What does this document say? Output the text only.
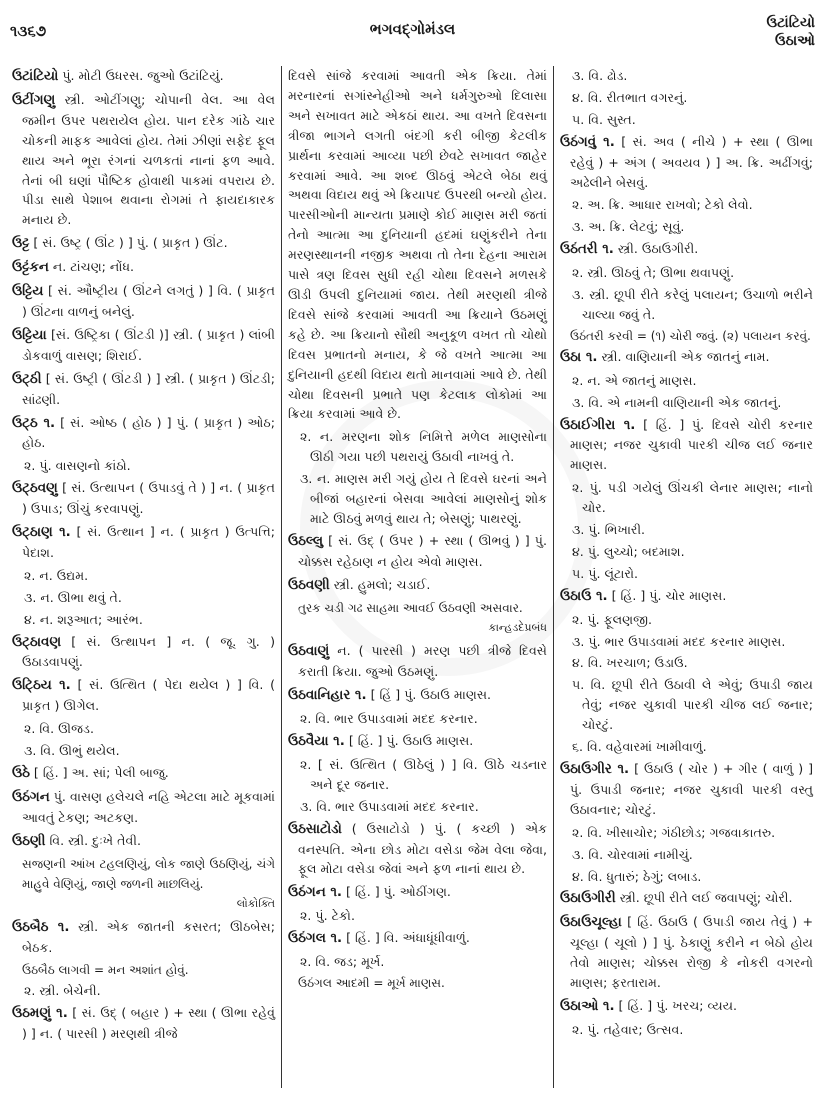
૧૩૬૭	ભગવદ્ગોમંડલ	ઉટાંટિયો
ઉઠાઓ
ઉટાંટિયો પું. મોટી ઉધરસ. જુઓ ઉટાંટિયું.
ઉટીંગણુ સ્ત્રી. ઓટીંગણુ; ચોપાની વેલ. આ વેલ જમીન ઉપર પથરાયેલ હોય. પાન દરેક ગાંઠે ચાર ચોકની માફક આવેલાં હોય. તેમાં ઝીણાં સફેદ ફૂલ થાય અને ભૂરા રંગનાં ચળકતાં નાનાં ફળ આવે. તેનાં બી ઘણાં પૌષ્ટિક હોવાથી પાકમાં વપરાય છે. પીડા સાથે પેશાબ થવાના રોગમાં તે ફાયદાકારક મનાય છે.
ઉટ્ટ [ સં. ઉષ્ટ્ર ( ઊંટ ) ] પું. ( પ્રાકૃત ) ઊંટ.
ઉટ્ટંકન ન. ટાંચણ; નોંધ.
ઉટ્ટિય [ સં. ઔષ્ટ્રીય ( ઊંટને લગતું ) ] વિ. ( પ્રાકૃત ) ઊંટના વાળનું બનેલું.
ઉટ્ટિયા [સં. ઉષ્ટ્રિકા ( ઊંટડી )] સ્ત્રી. ( પ્રાકૃત ) લાંબી ડોકવાળું વાસણ; શિરાઈ.
ઉટ્ઠી [ સં. ઉષ્ટ્રી ( ઊંટડી ) ] સ્ત્રી. ( પ્રાકૃત ) ઊંટડી; સાંઢણી.
ઉટ્ઠ ૧. [ સં. ઓષ્ઠ ( હોઠ ) ] પું. ( પ્રાકૃત ) ઓઠ; હોઠ.
૨. પું. વાસણનો કાંઠો.
ઉટ્ઠવણુ [ સં. ઉત્થાપન ( ઉપાડવું તે ) ] ન. ( પ્રાકૃત ) ઉપાડ; ઊંચું કરવાપણું.
ઉટ્ઠાણ ૧. [ સં. ઉત્થાન ] ન. ( પ્રાકૃત ) ઉત્પત્તિ; પેદાશ.
૨. ન. ઉદ્યમ.
૩. ન. ઊભા થવું તે.
૪. ન. શરૂઆત; આરંભ.
ઉટ્ઠાવણ [ સં. ઉત્થાપન ] ન. ( જૂ. ગુ. ) ઉઠાડવાપણું.
ઉટ્ઠિય ૧. [ સં. ઉત્થિત ( પેદા થયેલ ) ] વિ. ( પ્રાકૃત ) ઊગેલ.
૨. વિ. ઊજડ.
૩. વિ. ઊભું થયેલ.
ઉઠે [ હિં. ] અ. સાં; પેલી બાજુ.
ઉઠંગન પું. વાસણ હલેચલે નહિ એટલા માટે મૂકવામાં આવતું ટેકણ; અટકણ.
ઉઠણી વિ. સ્ત્રી. દુઃખે તેવી.
સજણની આંખ ટહલણિયું, લોક જાણે ઉઠણિયું, ચંગે માહુવે વેણિયું, જાણે જળની માછલિયું.
લોકોક્તિ
ઉઠબૈઠ ૧. સ્ત્રી. એક જાતની કસરત; ઊઠબેસ; બેઠક.
ઉઠબૈઠ લાગવી = મન અશાંત હોવું.
૨. સ્ત્રી. બેચેની.
ઉઠમણું ૧. [ સં. ઉદ્ ( બહાર ) + સ્થા ( ઊભા રહેવું ) ] ન. ( પારસી ) મરણથી ત્રીજે
દિવસે સાંજે કરવામાં આવતી એક ક્રિયા. તેમાં મરનારનાં સગાંસ્નેહીઓ અને ધર્મગુરુઓ દિલાસા અને સખાવત માટે એકઠાં થાય. આ વખતે દિવસના ત્રીજા ભાગને લગતી બંદગી કરી બીજી કેટલીક પ્રાર્થના કરવામાં આવ્યા પછી છેવટે સખાવત જાહેર કરવામાં આવે. આ શબ્દ ઊઠવું એટલે બેઠા થવું અથવા વિદાય થવું એ ક્રિયાપદ ઉપરથી બન્યો હોય. પારસીઓની માન્યતા પ્રમાણે કોઈ માણસ મરી જતાં તેનો આત્મા આ દુનિયાની હદમાં ઘણુંકરીને તેના મરણસ્થાનની નજીક અથવા તો તેના દેહના આરામ પાસે ત્રણ દિવસ સુધી રહી ચોથા દિવસને મળસકે ઊડી ઉપલી દુનિયામાં જાય. તેથી મરણથી ત્રીજે દિવસે સાંજે કરવામાં આવતી આ ક્રિયાને ઉઠમણું કહે છે. આ ક્રિયાનો સૌથી અનુકૂળ વખત તો ચોથો દિવસ પ્રભાતનો મનાય, કે જે વખતે આત્મા આ દુનિયાની હદથી વિદાય થતો માનવામાં આવે છે. તેથી ચોથા દિવસની પ્રભાતે પણ કેટલાક લોકોમાં આ ક્રિયા કરવામાં આવે છે.
૨. ન. મરણના શોક નિમિત્તે મળેલ માણસોના ઊઠી ગયા પછી પથરાયું ઉઠાવી નાખવું તે.
૩. ન. માણસ મરી ગયું હોય તે દિવસે ઘરનાં અને બીજાં બહારનાં બેસવા આવેલાં માણસોનું શોક માટે ઊઠવું મળવું થાય તે; બેસણું; પાથરણું.
ઉઠલ્લુ [ સં. ઉદ્ ( ઉપર ) + સ્થા ( ઊભવું ) ] પું. ચોક્કસ રહેઠાણ ન હોય એવો માણસ.
ઉઠવણી સ્ત્રી. હુમલો; ચડાઈ.
તુરક ચડી ગઢ સાહમા આવઈ ઉઠવણી અસવાર.
કાન્હડદેપ્રબંધ
ઉઠવાણું ન. ( પારસી ) મરણ પછી ત્રીજે દિવસે કરાતી ક્રિયા. જુઓ ઉઠમણું.
ઉઠવાનિહાર ૧. [ હિં ] પું. ઉઠાઉ માણસ.
૨. વિ. ભાર ઉપાડવામાં મદદ કરનાર.
ઉઠવૈયા ૧. [ હિં. ] પું. ઉઠાઉ માણસ.
૨. [ સં. ઉત્થિત ( ઊઠેલું ) ] વિ. ઊઠે ચડનાર અને દૂર જનાર.
૩. વિ. ભાર ઉપાડવામાં મદદ કરનાર.
ઉઠસાટોડો ( ઉસાટોડો ) પું. ( કચ્છી ) એક વનસ્પતિ. એના છોડ મોટા વસેડા જેમ વેલા જેવા, ફૂલ મોટા વસેડા જેવાં અને ફળ નાનાં થાય છે.
ઉઠંગન ૧. [ હિં. ] પું. ઓઠીંગણ.
૨. પું. ટેકો.
ઉઠંગલ ૧. [ હિં. ] વિ. અંધાધૂંધીવાળું.
૨. વિ. જડ; મૂર્ખ.
ઉઠંગલ આદમી = મૂર્ખ માણસ.
૩. વિ. ઢોડ.
૪. વિ. રીતભાત વગરનું.
૫. વિ. સુસ્ત.
ઉઠંગવું ૧. [ સં. અવ ( નીચે ) + સ્થા ( ઊભા રહેવું ) + અંગ ( અવયવ ) ] અ. ક્રિ. અઢીંગવું; અઢેલીને બેસવું.
૨. અ. ક્રિ. આધાર રાખવો; ટેકો લેવો.
૩. અ. ક્રિ. લેટવું; સૂવું.
ઉઠંતરી ૧. સ્ત્રી. ઉઠાઉગીરી.
૨. સ્ત્રી. ઊઠવું તે; ઊભા થવાપણું.
૩. સ્ત્રી. છૂપી રીતે કરેલું પલાયન; ઉચાળો ભરીને ચાલ્યા જવું તે.
ઉઠંતરી કરવી = (૧) ચોરી જવું. (૨) પલાયન કરવું.
ઉઠા ૧. સ્ત્રી. વાણિયાની એક જાતનું નામ.
૨. ન. એ જાતનું માણસ.
૩. વિ. એ નામની વાણિયાની એક જાતનું.
ઉઠાઈગીરા ૧. [ હિં. ] પું. દિવસે ચોરી કરનાર માણસ; નજર ચુકાવી પારકી ચીજ લઈ જનાર માણસ.
૨. પું. પડી ગયેલું ઊંચકી લેનાર માણસ; નાનો ચોર.
૩. પું. ભિખારી.
૪. પું. લુચ્ચો; બદમાશ.
૫. પું. લૂંટારો.
ઉઠાઉ ૧. [ હિં. ] પું. ચોર માણસ.
૨. પું. ફૂલણજી.
૩. પું. ભાર ઉપાડવામાં મદદ કરનાર માણસ.
૪. વિ. ખરચાળ; ઉડાઉ.
૫. વિ. છૂપી રીતે ઉઠાવી લે એવું; ઉપાડી જાય તેવું; નજર ચુકાવી પારકી ચીજ લઈ જનાર; ચોરટું.
૬. વિ. વહેવારમાં ખામીવાળું.
ઉઠાઉગીર ૧. [ ઉઠાઉ ( ચોર ) + ગીર ( વાળું ) ] પું. ઉપાડી જનાર; નજર ચુકાવી પારકી વસ્તુ ઉઠાવનાર; ચોરટું.
૨. વિ. ખીસાચોર; ગંઠીછોડ; ગજવાકાતરુ.
૩. વિ. ચોરવામાં નામીચું.
૪. વિ. ધુતારું; ઠેગું; લબાડ.
ઉઠાઉગીરી સ્ત્રી. છૂપી રીતે લઈ જવાપણું; ચોરી.
ઉઠાઉચૂલ્હા [ હિં. ઉઠાઉ ( ઉપાડી જાય તેવું ) + ચૂલ્હા ( ચૂલો ) ] પું. ઠેકાણું કરીને ન બેઠો હોય તેવો માણસ; ચોક્કસ રોજી કે નોકરી વગરનો માણસ; ફરતારામ.
ઉઠાઓ ૧. [ હિં. ] પું. ખરચ; વ્યય.
૨. પું. તહેવાર; ઉત્સવ.
